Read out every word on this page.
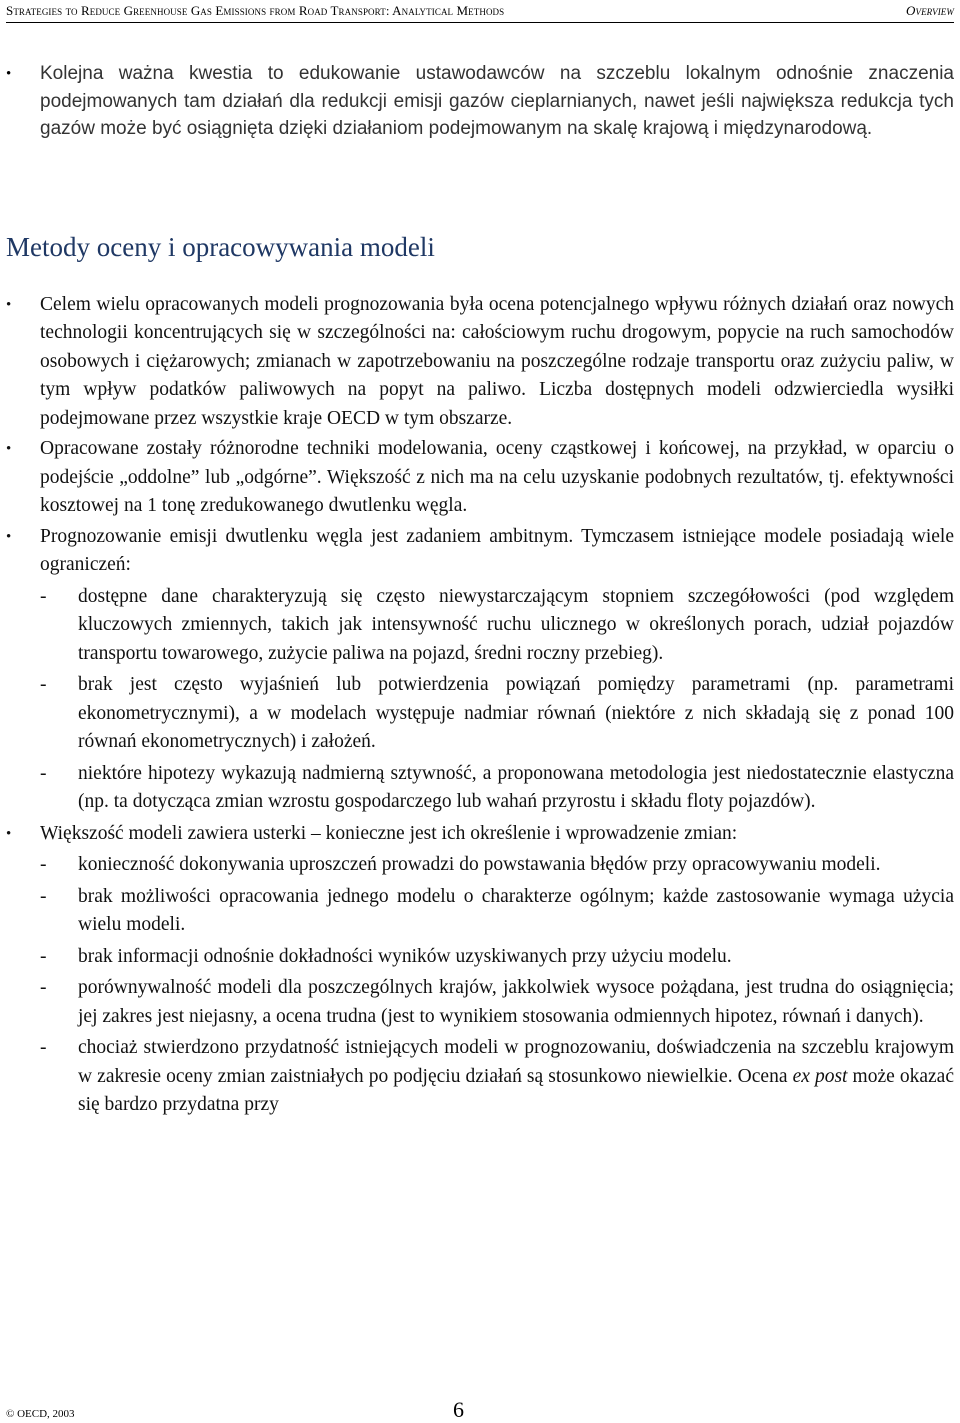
Strategies to Reduce Greenhouse Gas Emissions from Road Transport: Analytical Methods	Overview
•	Kolejna ważna kwestia to edukowanie ustawodawców na szczeblu lokalnym odnośnie znaczenia podejmowanych tam działań dla redukcji emisji gazów cieplarnianych, nawet jeśli największa redukcja tych gazów może być osiągnięta dzięki działaniom podejmowanym na skalę krajową i międzynarodową.
Metody oceny i opracowywania modeli
•	Celem wielu opracowanych modeli prognozowania była ocena potencjalnego wpływu różnych działań oraz nowych technologii koncentrujących się w szczególności na: całościowym ruchu drogowym, popycie na ruch samochodów osobowych i ciężarowych; zmianach w zapotrzebowaniu na poszczególne rodzaje transportu oraz zużyciu paliw, w tym wpływ podatków paliwowych na popyt na paliwo. Liczba dostępnych modeli odzwierciedla wysiłki podejmowane przez wszystkie kraje OECD w tym obszarze.
•	Opracowane zostały różnorodne techniki modelowania, oceny cząstkowej i końcowej, na przykład, w oparciu o podejście „oddolne” lub „odgórne”. Większość z nich ma na celu uzyskanie podobnych rezultatów, tj. efektywności kosztowej na 1 tonę zredukowanego dwutlenku węgla.
•	Prognozowanie emisji dwutlenku węgla jest zadaniem ambitnym. Tymczasem istniejące modele posiadają wiele ograniczeń:
-	dostępne dane charakteryzują się często niewystarczającym stopniem szczegółowości (pod względem kluczowych zmiennych, takich jak intensywność ruchu ulicznego w określonych porach, udział pojazdów transportu towarowego, zużycie paliwa na pojazd, średni roczny przebieg).
-	brak jest często wyjaśnień lub potwierdzenia powiązań pomiędzy parametrami (np. parametrami ekonometrycznymi), a w modelach występuje nadmiar równań (niektóre z nich składają się z ponad 100 równań ekonometrycznych) i założeń.
-	niektóre hipotezy wykazują nadmierną sztywność, a proponowana metodologia jest niedostatecznie elastyczna (np. ta dotycząca zmian wzrostu gospodarczego lub wahań przyrostu i składu floty pojazdów).
•	Większość modeli zawiera usterki – konieczne jest ich określenie i wprowadzenie zmian:
-	konieczność dokonywania uproszczeń prowadzi do powstawania błędów przy opracowywaniu modeli.
-	brak możliwości opracowania jednego modelu o charakterze ogólnym; każde zastosowanie wymaga użycia wielu modeli.
-	brak informacji odnośnie dokładności wyników uzyskiwanych przy użyciu modelu.
-	porównywalność modeli dla poszczególnych krajów, jakkolwiek wysoce pożądana, jest trudna do osiągnięcia; jej zakres jest niejasny, a ocena trudna (jest to wynikiem stosowania odmiennych hipotez, równań i danych).
-	chociaż stwierdzono przydatność istniejących modeli w prognozowaniu, doświadczenia na szczeblu krajowym w zakresie oceny zmian zaistniałych po podjęciu działań są stosunkowo niewielkie. Ocena ex post może okazać się bardzo przydatna przy
© OECD, 2003	6
